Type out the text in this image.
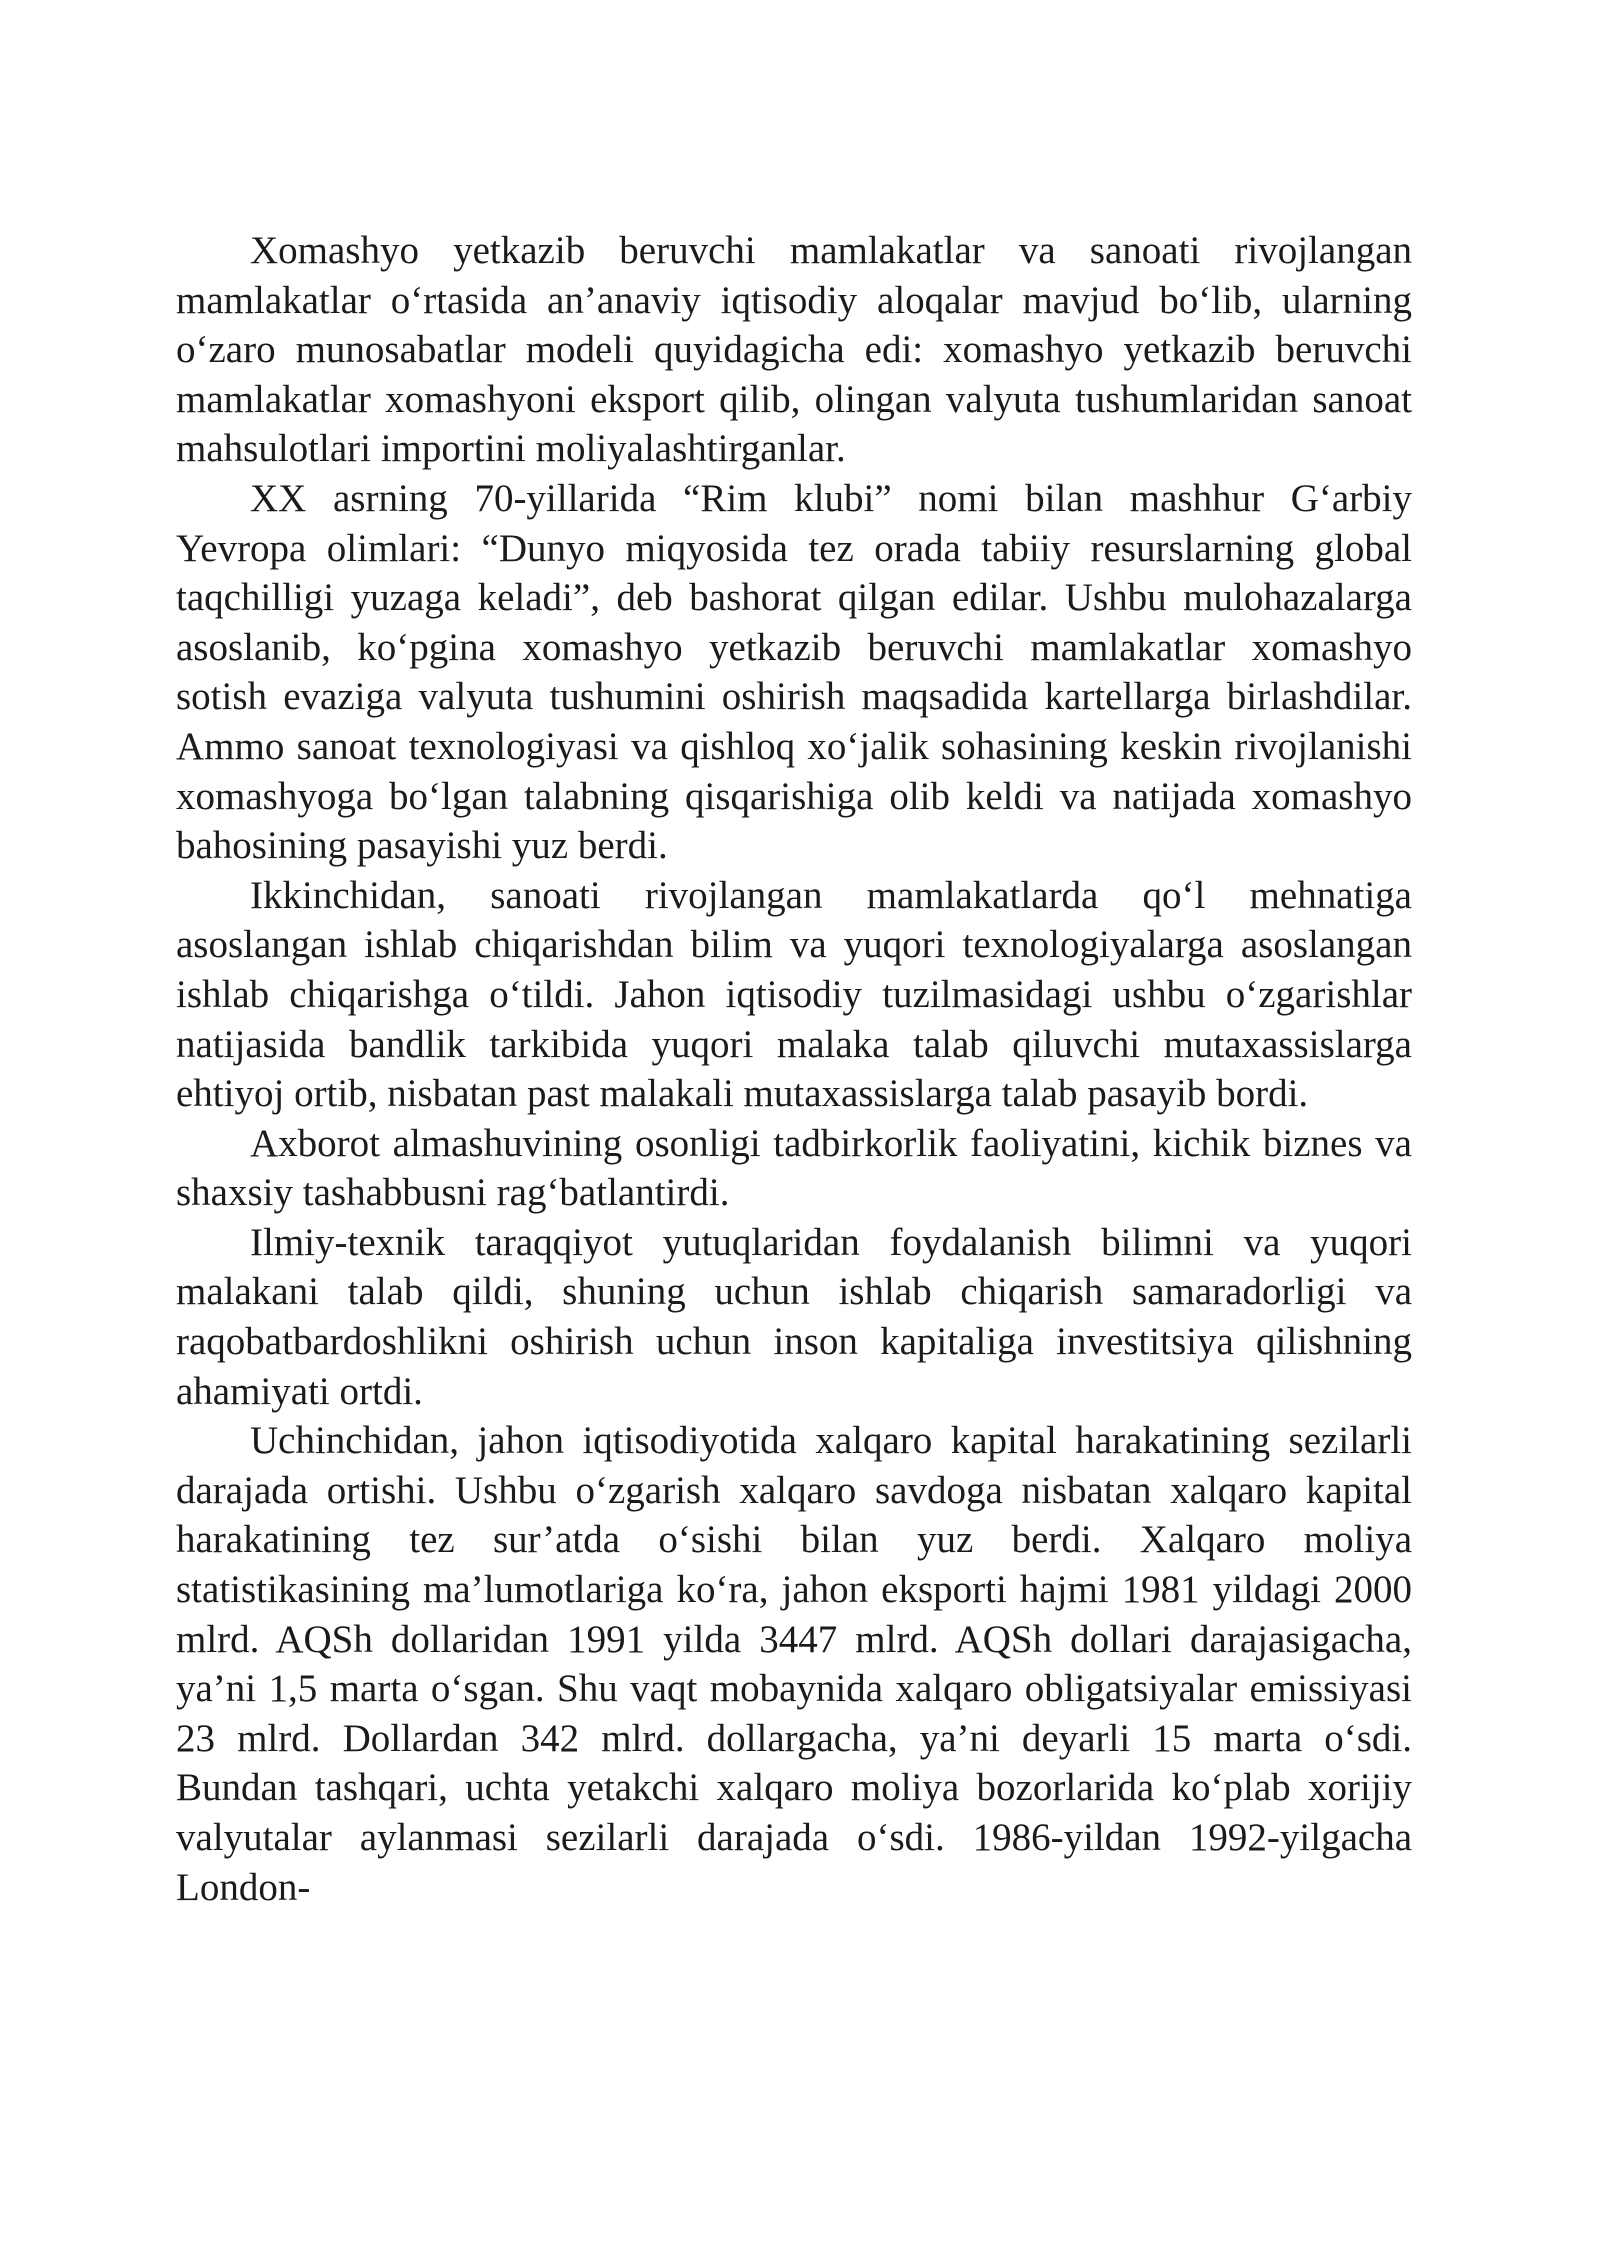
Xomashyo yetkazib beruvchi mamlakatlar va sanoati rivojlangan mamlakatlar o‘rtasida an’anaviy iqtisodiy aloqalar mavjud bo‘lib, ularning o‘zaro munosabatlar modeli quyidagicha edi: xomashyo yetkazib beruvchi mamlakatlar xomashyoni eksport qilib, olingan valyuta tushumlaridan sanoat mahsulotlari importini moliyalashtirganlar.

XX asrning 70-yillarida “Rim klubi” nomi bilan mashhur G‘arbiy Yevropa olimlari: “Dunyo miqyosida tez orada tabiiy resurslarning global taqchilligi yuzaga keladi”, deb bashorat qilgan edilar. Ushbu mulohazalarga asoslanib, ko‘pgina xomashyo yetkazib beruvchi mamlakatlar xomashyo sotish evaziga valyuta tushumini oshirish maqsadida kartellarga birlashdilar. Ammo sanoat texnologiyasi va qishloq xo‘jalik sohasining keskin rivojlanishi xomashyoga bo‘lgan talabning qisqarishiga olib keldi va natijada xomashyo bahosining pasayishi yuz berdi.

Ikkinchidan, sanoati rivojlangan mamlakatlarda qo‘l mehnatiga asoslangan ishlab chiqarishdan bilim va yuqori texnologiyalarga asoslangan ishlab chiqarishga o‘tildi. Jahon iqtisodiy tuzilmasidagi ushbu o‘zgarishlar natijasida bandlik tarkibida yuqori malaka talab qiluvchi mutaxassislarga ehtiyoj ortib, nisbatan past malakali mutaxassislarga talab pasayib bordi.

Axborot almashuvining osonligi tadbirkorlik faoliyatini, kichik biznes va shaxsiy tashabbusni rag‘batlantirdi.

Ilmiy-texnik taraqqiyot yutuqlaridan foydalanish bilimni va yuqori malakani talab qildi, shuning uchun ishlab chiqarish samaradorligi va raqobatbardoshlikni oshirish uchun inson kapitaliga investitsiya qilishning ahamiyati ortdi.

Uchinchidan, jahon iqtisodiyotida xalqaro kapital harakatining sezilarli darajada ortishi. Ushbu o‘zgarish xalqaro savdoga nisbatan xalqaro kapital harakatining tez sur’atda o‘sishi bilan yuz berdi. Xalqaro moliya statistikasining ma’lumotlariga ko‘ra, jahon eksporti hajmi 1981 yildagi 2000 mlrd. AQSh dollaridan 1991 yilda 3447 mlrd. AQSh dollari darajasigacha, ya’ni 1,5 marta o‘sgan. Shu vaqt mobaynida xalqaro obligatsiyalar emissiyasi 23 mlrd. Dollardan 342 mlrd. dollargacha, ya’ni deyarli 15 marta o‘sdi. Bundan tashqari, uchta yetakchi xalqaro moliya bozorlarida ko‘plab xorijiy valyutalar aylanmasi sezilarli darajada o‘sdi. 1986-yildan 1992-yilgacha London-
